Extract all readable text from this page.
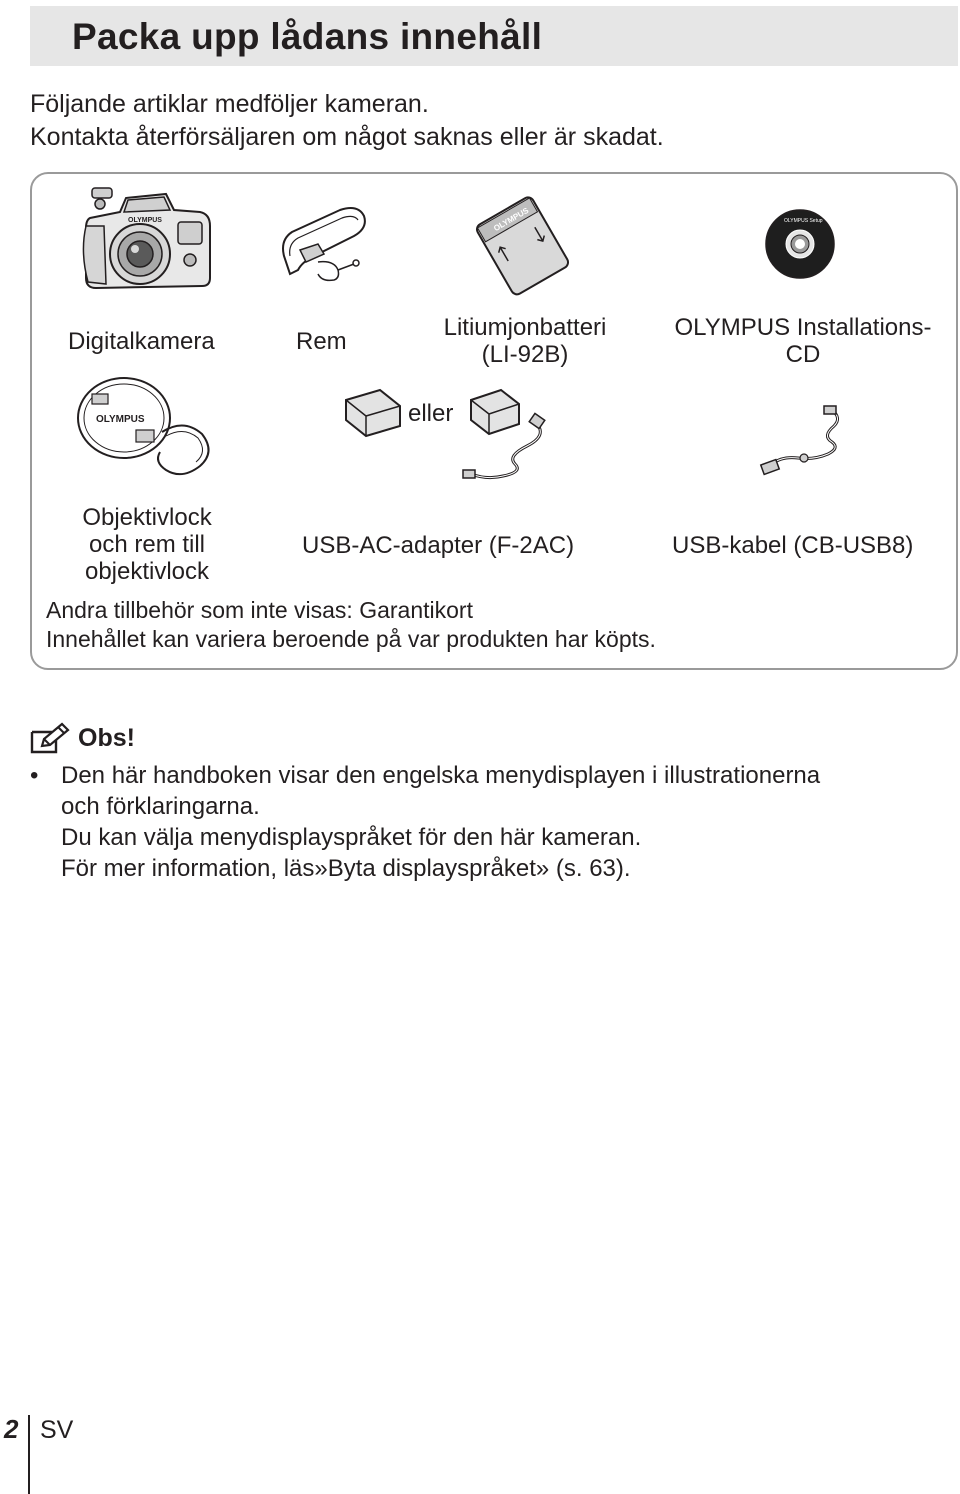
Packa upp lådans innehåll
Följande artiklar medföljer kameran.
Kontakta återförsäljaren om något saknas eller är skadat.
OLYMPUS	OLYMPUS	OLYMPUS Setup
Digitalkamera	Rem
Litiumjonbatteri
(LI-92B)
OLYMPUS Installations-
CD
OLYMPUS	eller
Objektivlock
och rem till
objektivlock
USB-AC-adapter (F-2AC)	USB-kabel (CB-USB8)
Andra tillbehör som inte visas: Garantikort
Innehållet kan variera beroende på var produkten har köpts.
Obs!
• Den här handboken visar den engelska menydisplayen i illustrationerna
och förklaringarna.
Du kan välja menydisplayspråket för den här kameran.
För mer information, läs»Byta displayspråket» (s. 63).
2 SV
